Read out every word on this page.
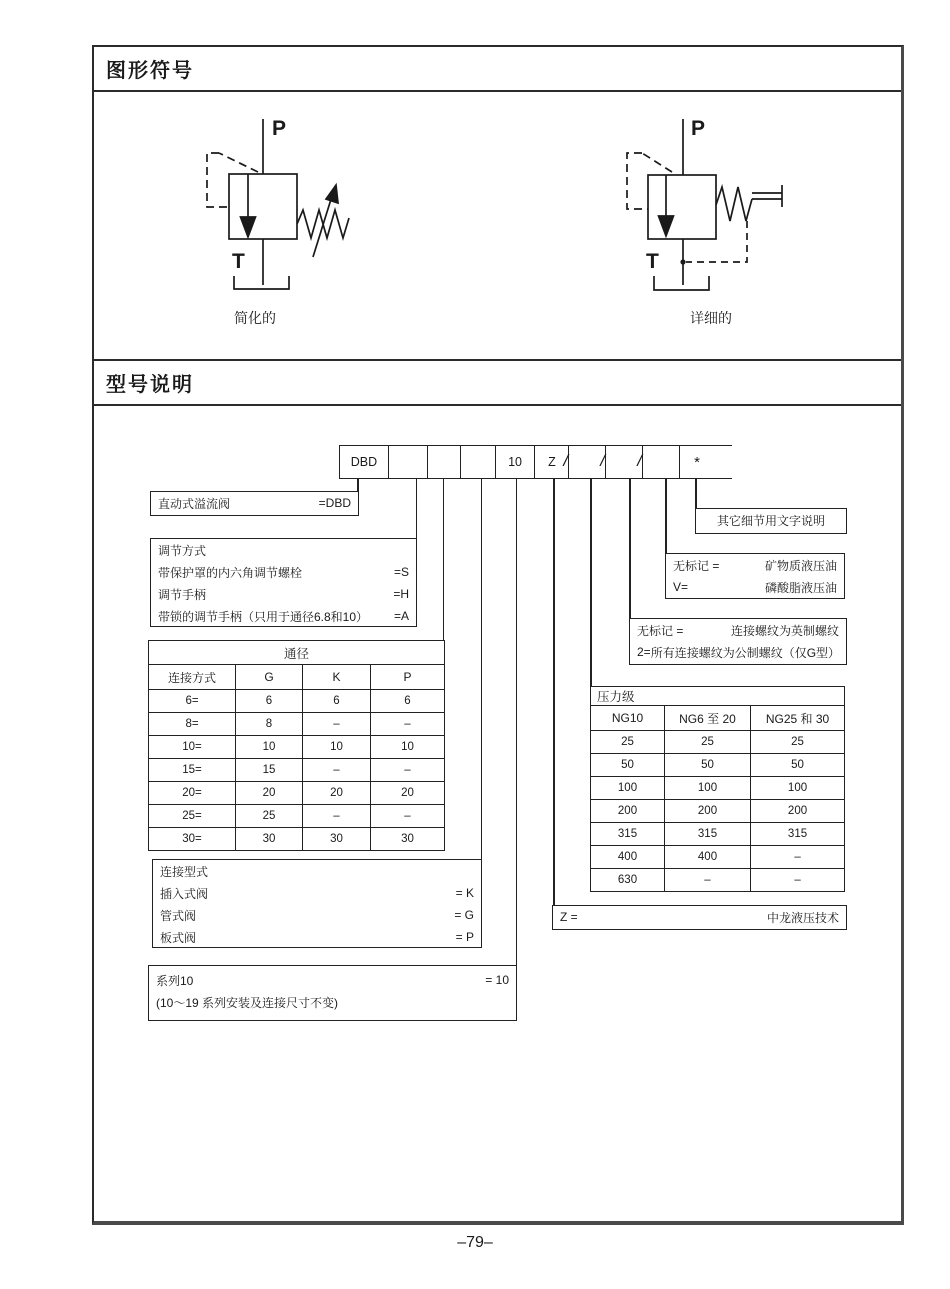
图形符号
P
T
P
T
简化的	详细的
型号说明
DBD	10	Z / / /	*
直动式溢流阀	=DBD
调节方式
带保护罩的内六角调节螺栓	=S
调节手柄	=H
带锁的调节手柄（只用于通径6.8和10） =A
通径			
连接方式	G	K	P
6=	6	6	6
8=	8	–	–
10=	10	10	10
15=	15	–	–
20=	20	20	20
25=	25	–	–
30=	30	30	30
连接型式
插入式阀	= K
管式阀	= G
板式阀	= P
系列10	= 10
(10～19 系列安装及连接尺寸不变)
其它细节用文字说明
无标记 =	矿物质液压油
V=	磷酸脂液压油
无标记 =	连接螺纹为英制螺纹
2= 所有连接螺纹为公制螺纹（仅G型）
压力级		
NG10	NG6 至 20	NG25 和 30
25	25	25
50	50	50
100	100	100
200	200	200
315	315	315
400	400	–
630	–	–
Z =	中龙液压技术
–79–
